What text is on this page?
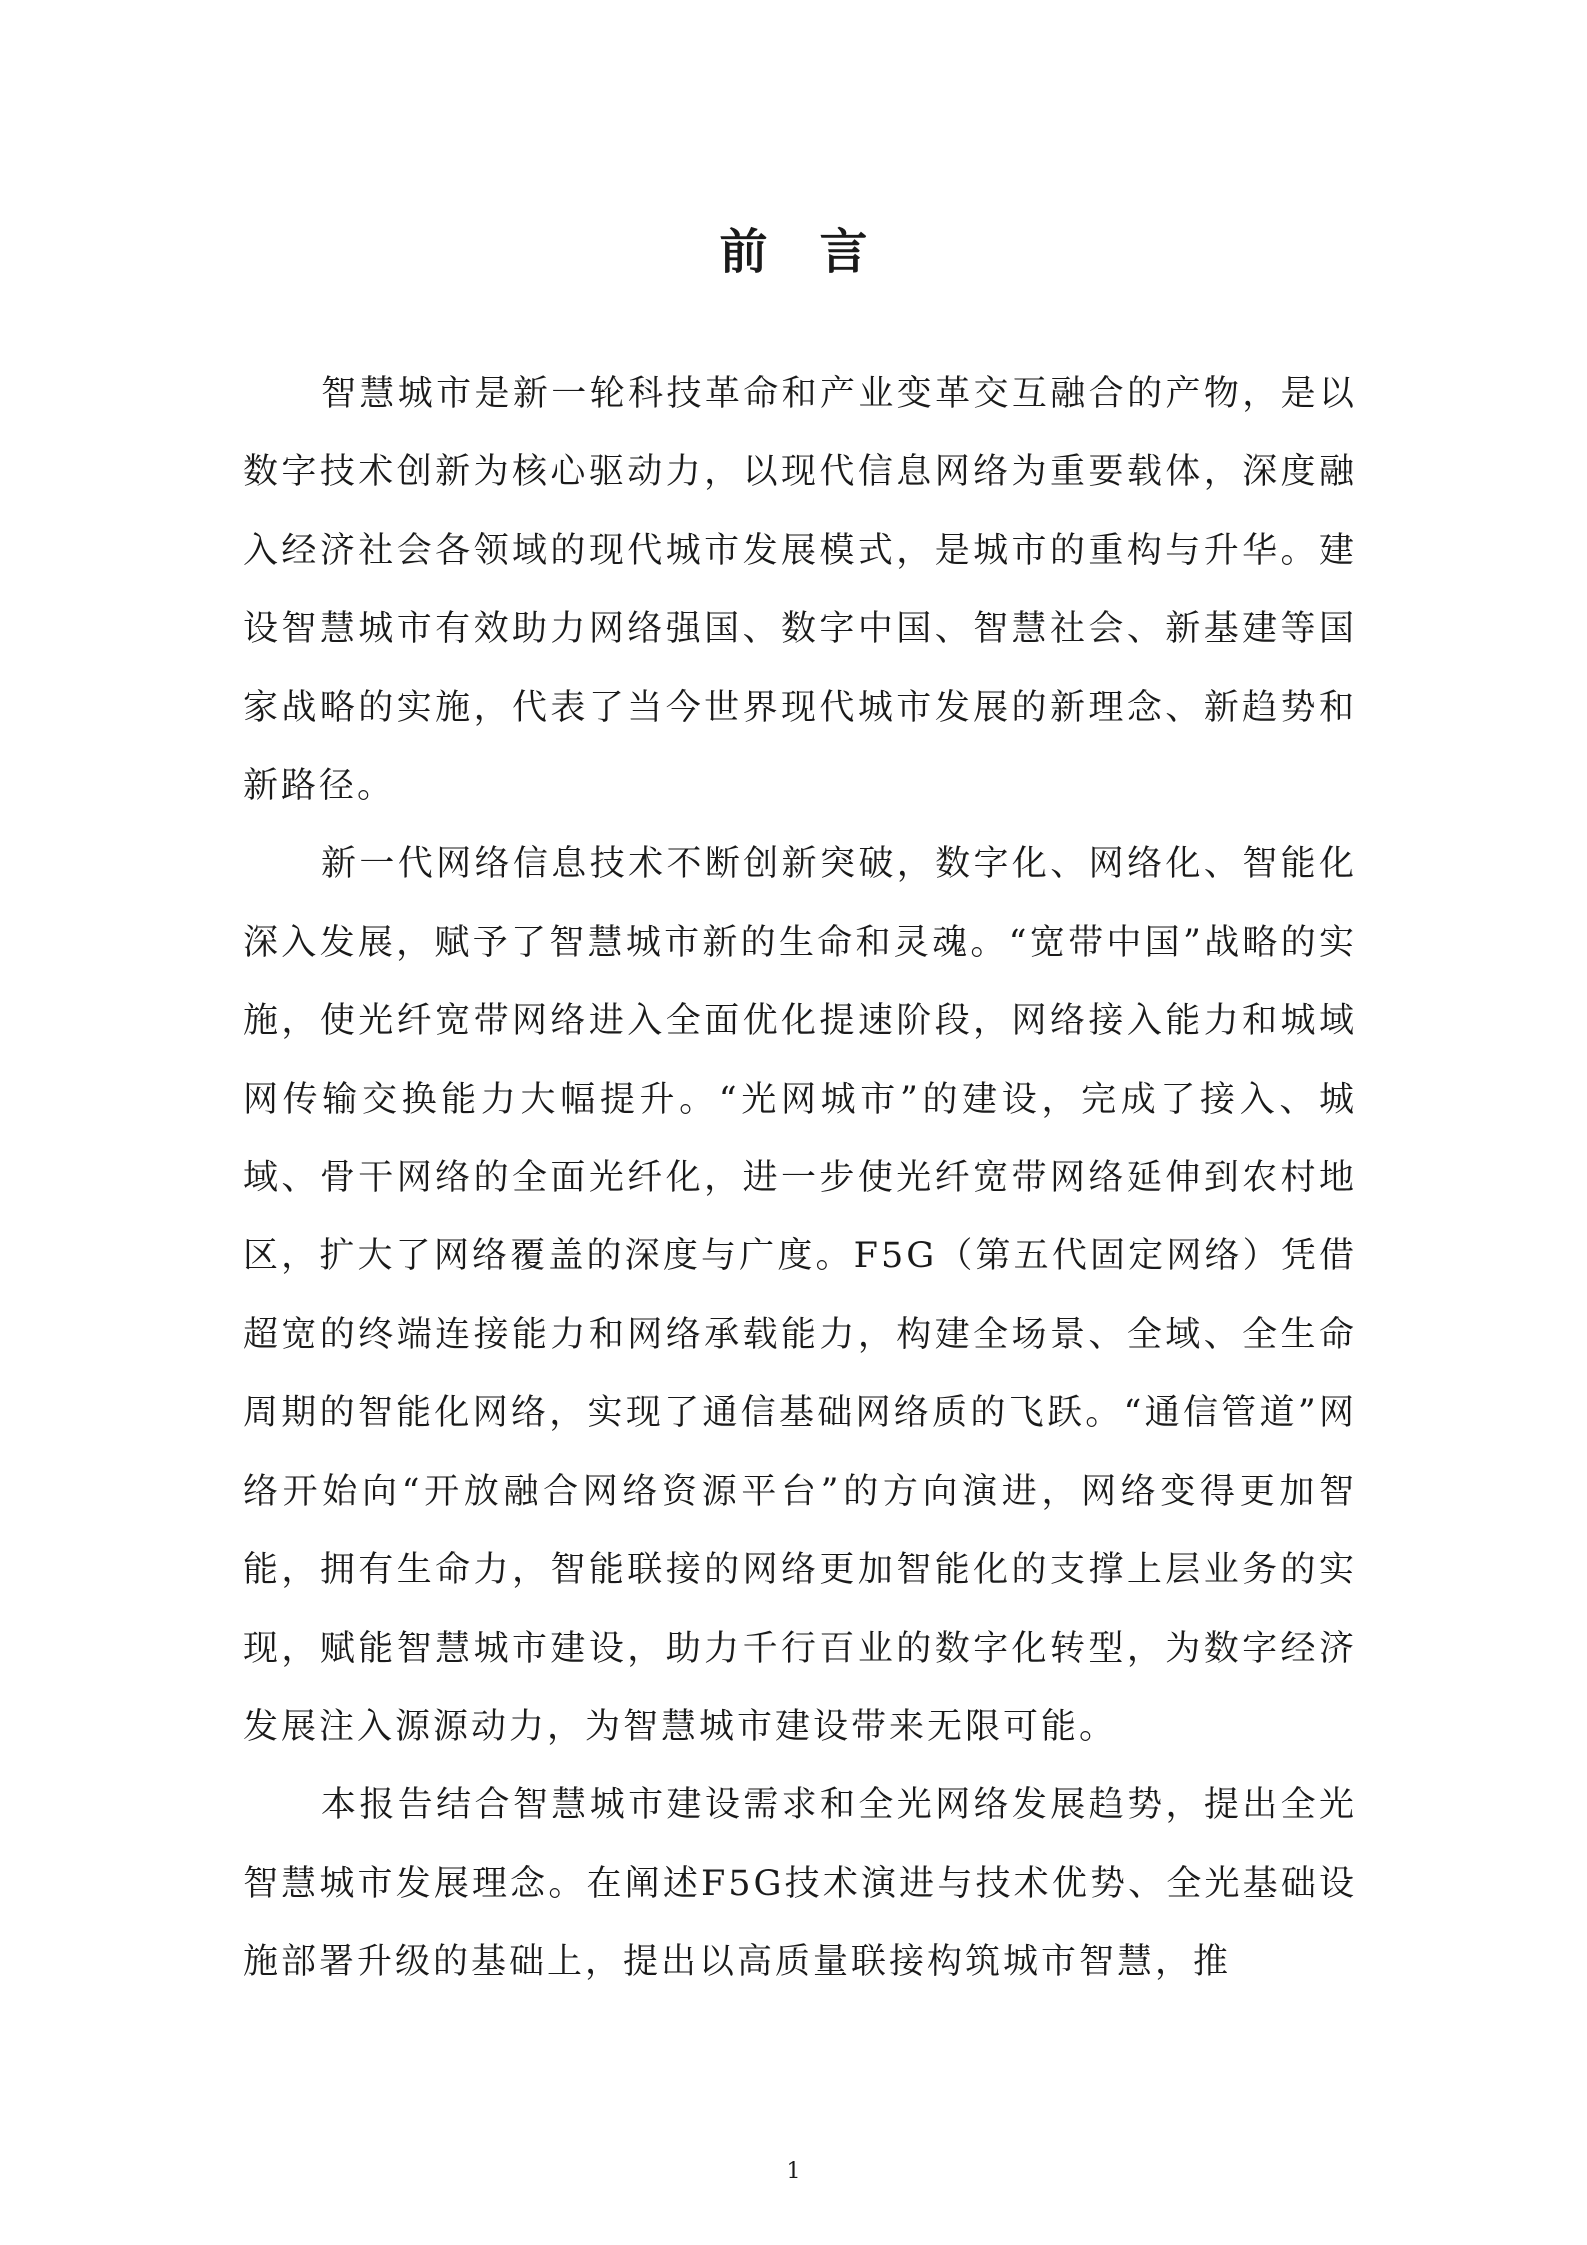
前言

智慧城市是新一轮科技革命和产业变革交互融合的产物，是以数字技术创新为核心驱动力，以现代信息网络为重要载体，深度融入经济社会各领域的现代城市发展模式，是城市的重构与升华。建设智慧城市有效助力网络强国、数字中国、智慧社会、新基建等国家战略的实施，代表了当今世界现代城市发展的新理念、新趋势和新路径。

新一代网络信息技术不断创新突破，数字化、网络化、智能化深入发展，赋予了智慧城市新的生命和灵魂。“宽带中国”战略的实施，使光纤宽带网络进入全面优化提速阶段，网络接入能力和城域网传输交换能力大幅提升。“光网城市”的建设，完成了接入、城域、骨干网络的全面光纤化，进一步使光纤宽带网络延伸到农村地区，扩大了网络覆盖的深度与广度。F5G（第五代固定网络）凭借超宽的终端连接能力和网络承载能力，构建全场景、全域、全生命周期的智能化网络，实现了通信基础网络质的飞跃。“通信管道”网络开始向“开放融合网络资源平台”的方向演进，网络变得更加智能，拥有生命力，智能联接的网络更加智能化的支撑上层业务的实现，赋能智慧城市建设，助力千行百业的数字化转型，为数字经济发展注入源源动力，为智慧城市建设带来无限可能。

本报告结合智慧城市建设需求和全光网络发展趋势，提出全光智慧城市发展理念。在阐述F5G技术演进与技术优势、全光基础设施部署升级的基础上，提出以高质量联接构筑城市智慧，推

1
